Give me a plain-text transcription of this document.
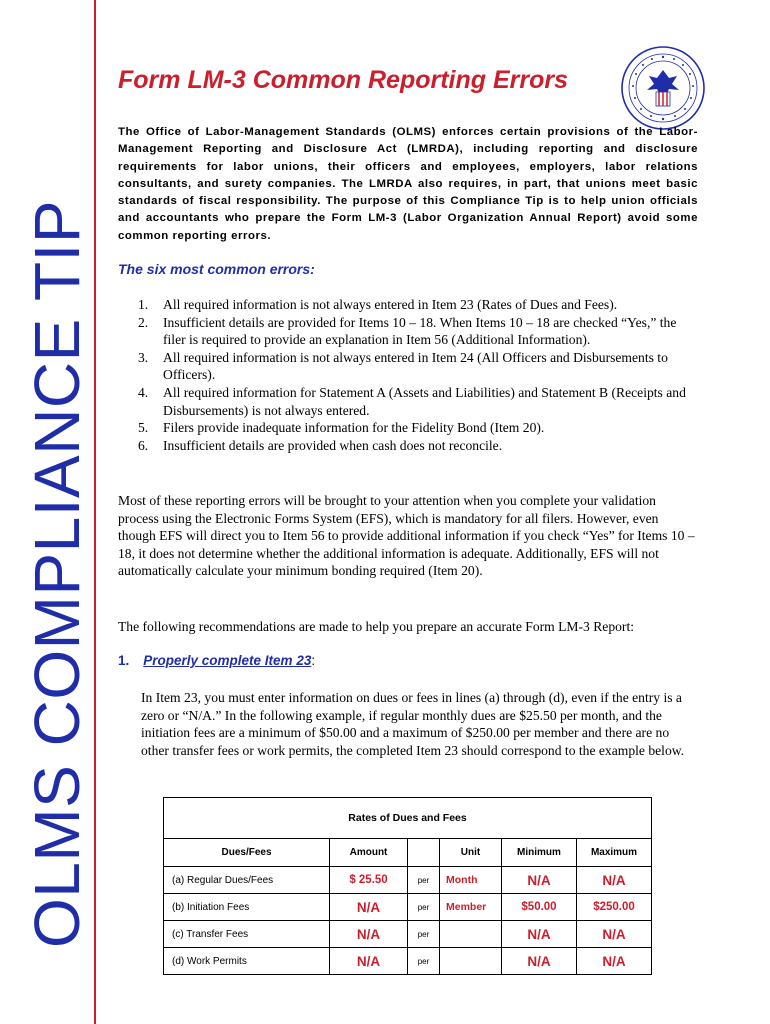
OLMS COMPLIANCE TIP
Form LM-3 Common Reporting Errors

The Office of Labor-Management Standards (OLMS) enforces certain provisions of the Labor-Management Reporting and Disclosure Act (LMRDA), including reporting and disclosure requirements for labor unions, their officers and employees, employers, labor relations consultants, and surety companies. The LMRDA also requires, in part, that unions meet basic standards of fiscal responsibility. The purpose of this Compliance Tip is to help union officials and accountants who prepare the Form LM-3 (Labor Organization Annual Report) avoid some common reporting errors.

The six most common errors:
1. All required information is not always entered in Item 23 (Rates of Dues and Fees).
2. Insufficient details are provided for Items 10 – 18. When Items 10 – 18 are checked “Yes,” the filer is required to provide an explanation in Item 56 (Additional Information).
3. All required information is not always entered in Item 24 (All Officers and Disbursements to Officers).
4. All required information for Statement A (Assets and Liabilities) and Statement B (Receipts and Disbursements) is not always entered.
5. Filers provide inadequate information for the Fidelity Bond (Item 20).
6. Insufficient details are provided when cash does not reconcile.

Most of these reporting errors will be brought to your attention when you complete your validation process using the Electronic Forms System (EFS), which is mandatory for all filers. However, even though EFS will direct you to Item 56 to provide additional information if you check “Yes” for Items 10 – 18, it does not determine whether the additional information is adequate. Additionally, EFS will not automatically calculate your minimum bonding required (Item 20).

The following recommendations are made to help you prepare an accurate Form LM-3 Report:

1. Properly complete Item 23:

In Item 23, you must enter information on dues or fees in lines (a) through (d), even if the entry is a zero or “N/A.” In the following example, if regular monthly dues are $25.50 per month, and the initiation fees are a minimum of $50.00 and a maximum of $250.00 per member and there are no other transfer fees or work permits, the completed Item 23 should correspond to the example below.

Rates of Dues and Fees					
Dues/Fees	Amount		Unit	Minimum	Maximum
(a) Regular Dues/Fees	$ 25.50	per	Month	N/A	N/A
(b) Initiation Fees	N/A	per	Member	$50.00	$250.00
(c) Transfer Fees	N/A	per		N/A	N/A
(d) Work Permits	N/A	per		N/A	N/A
